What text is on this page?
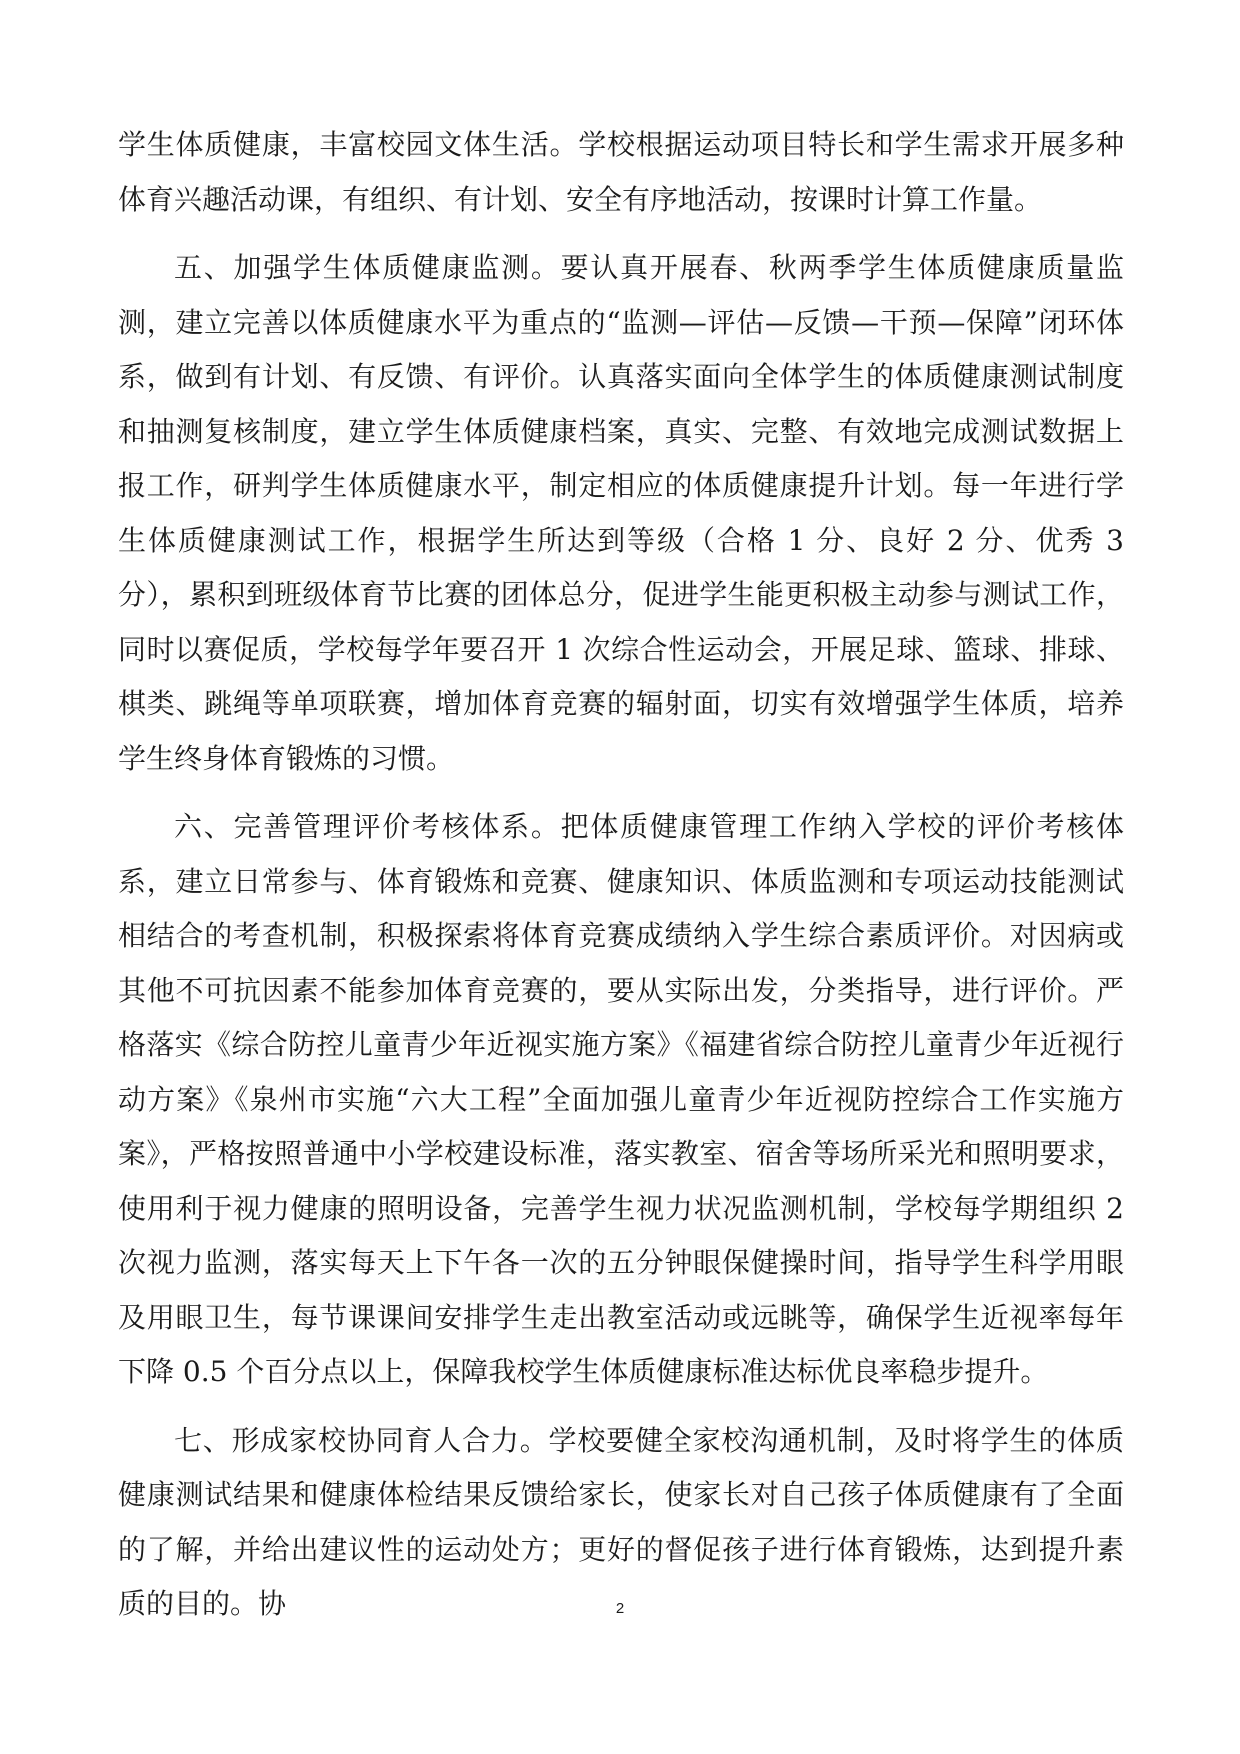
学生体质健康，丰富校园文体生活。学校根据运动项目特长和学生需求开展多种体育兴趣活动课，有组织、有计划、安全有序地活动，按课时计算工作量。

五、加强学生体质健康监测。要认真开展春、秋两季学生体质健康质量监测，建立完善以体质健康水平为重点的“监测—评估—反馈—干预—保障”闭环体系，做到有计划、有反馈、有评价。认真落实面向全体学生的体质健康测试制度和抽测复核制度，建立学生体质健康档案，真实、完整、有效地完成测试数据上报工作，研判学生体质健康水平，制定相应的体质健康提升计划。每一年进行学生体质健康测试工作，根据学生所达到等级（合格 1 分、良好 2 分、优秀 3 分），累积到班级体育节比赛的团体总分，促进学生能更积极主动参与测试工作，同时以赛促质，学校每学年要召开 1 次综合性运动会，开展足球、篮球、排球、棋类、跳绳等单项联赛，增加体育竞赛的辐射面，切实有效增强学生体质，培养学生终身体育锻炼的习惯。

六、完善管理评价考核体系。把体质健康管理工作纳入学校的评价考核体系，建立日常参与、体育锻炼和竞赛、健康知识、体质监测和专项运动技能测试相结合的考查机制，积极探索将体育竞赛成绩纳入学生综合素质评价。对因病或其他不可抗因素不能参加体育竞赛的，要从实际出发，分类指导，进行评价。严格落实《综合防控儿童青少年近视实施方案》《福建省综合防控儿童青少年近视行动方案》《泉州市实施“六大工程”全面加强儿童青少年近视防控综合工作实施方案》，严格按照普通中小学校建设标准，落实教室、宿舍等场所采光和照明要求，使用利于视力健康的照明设备，完善学生视力状况监测机制，学校每学期组织 2 次视力监测，落实每天上下午各一次的五分钟眼保健操时间，指导学生科学用眼及用眼卫生，每节课课间安排学生走出教室活动或远眺等，确保学生近视率每年下降 0.5 个百分点以上，保障我校学生体质健康标准达标优良率稳步提升。

七、形成家校协同育人合力。学校要健全家校沟通机制，及时将学生的体质健康测试结果和健康体检结果反馈给家长，使家长对自己孩子体质健康有了全面的了解，并给出建议性的运动处方；更好的督促孩子进行体育锻炼，达到提升素质的目的。协	2
